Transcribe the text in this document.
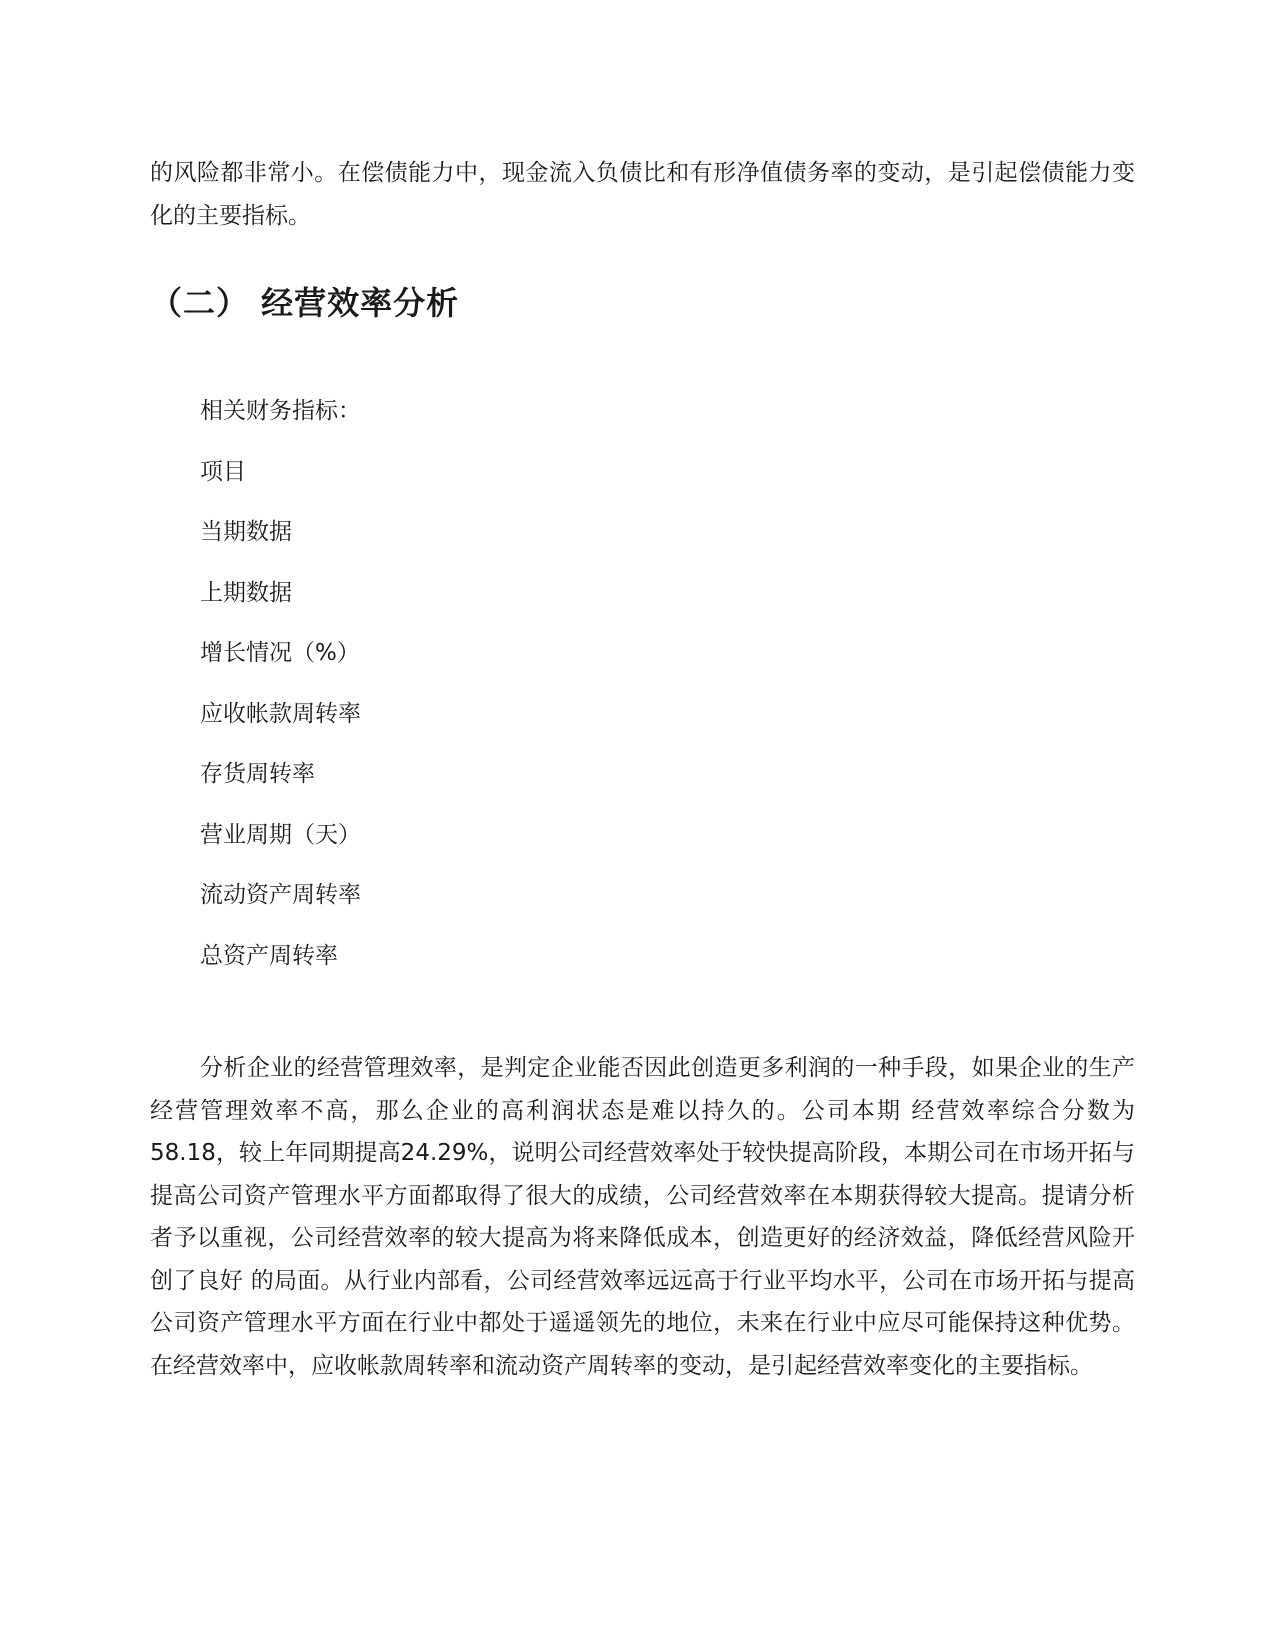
的风险都非常小。在偿债能力中，现金流入负债比和有形净值债务率的变动，是引起偿债能力变化的主要指标。

（二） 经营效率分析

相关财务指标：

项目

当期数据

上期数据

增长情况（%）

应收帐款周转率

存货周转率

营业周期（天）

流动资产周转率

总资产周转率

分析企业的经营管理效率，是判定企业能否因此创造更多利润的一种手段，如果企业的生产经营管理效率不高，那么企业的高利润状态是难以持久的。公司本期 经营效率综合分数为58.18，较上年同期提高24.29%，说明公司经营效率处于较快提高阶段，本期公司在市场开拓与提高公司资产管理水平方面都取得了很大的成绩，公司经营效率在本期获得较大提高。提请分析者予以重视，公司经营效率的较大提高为将来降低成本，创造更好的经济效益，降低经营风险开创了良好 的局面。从行业内部看，公司经营效率远远高于行业平均水平，公司在市场开拓与提高公司资产管理水平方面在行业中都处于遥遥领先的地位，未来在行业中应尽可能保持这种优势。在经营效率中，应收帐款周转率和流动资产周转率的变动，是引起经营效率变化的主要指标。
